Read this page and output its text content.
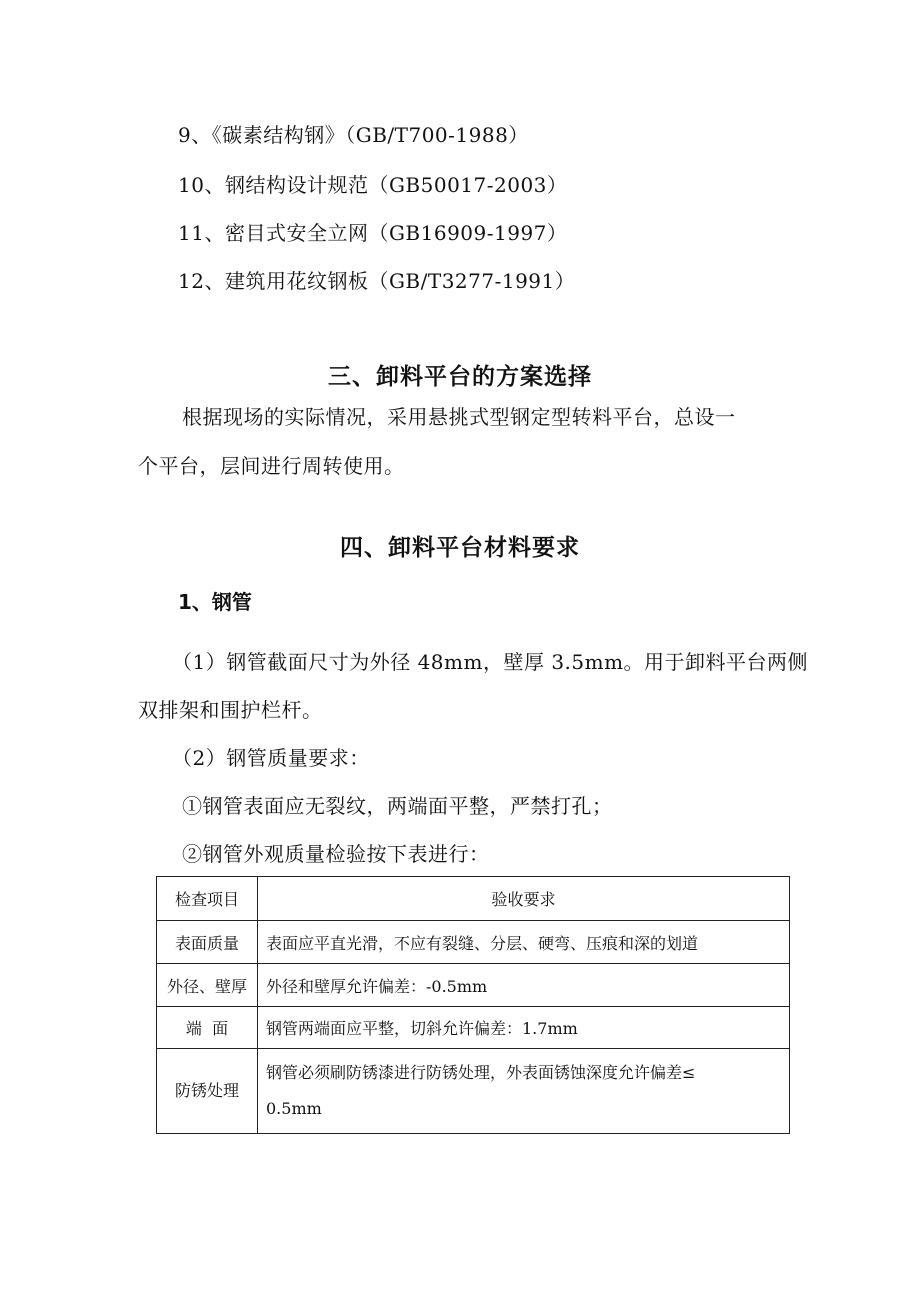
9、《碳素结构钢》（GB/T700-1988）
10、钢结构设计规范（GB50017-2003）
11、密目式安全立网（GB16909-1997）
12、建筑用花纹钢板（GB/T3277-1991）
三、卸料平台的方案选择
根据现场的实际情况，采用悬挑式型钢定型转料平台，总设一
个平台，层间进行周转使用。
四、卸料平台材料要求
1、钢管
（1）钢管截面尺寸为外径 48mm，壁厚 3.5mm。用于卸料平台两侧
双排架和围护栏杆。
（2）钢管质量要求：
①钢管表面应无裂纹，两端面平整，严禁打孔；
②钢管外观质量检验按下表进行：
检查项目	验收要求
表面质量	表面应平直光滑，不应有裂缝、分层、硬弯、压痕和深的划道
外径、壁厚	外径和壁厚允许偏差：-0.5mm
端  面	钢管两端面应平整，切斜允许偏差：1.7mm
防锈处理	钢管必须刷防锈漆进行防锈处理，外表面锈蚀深度允许偏差≤
0.5mm
